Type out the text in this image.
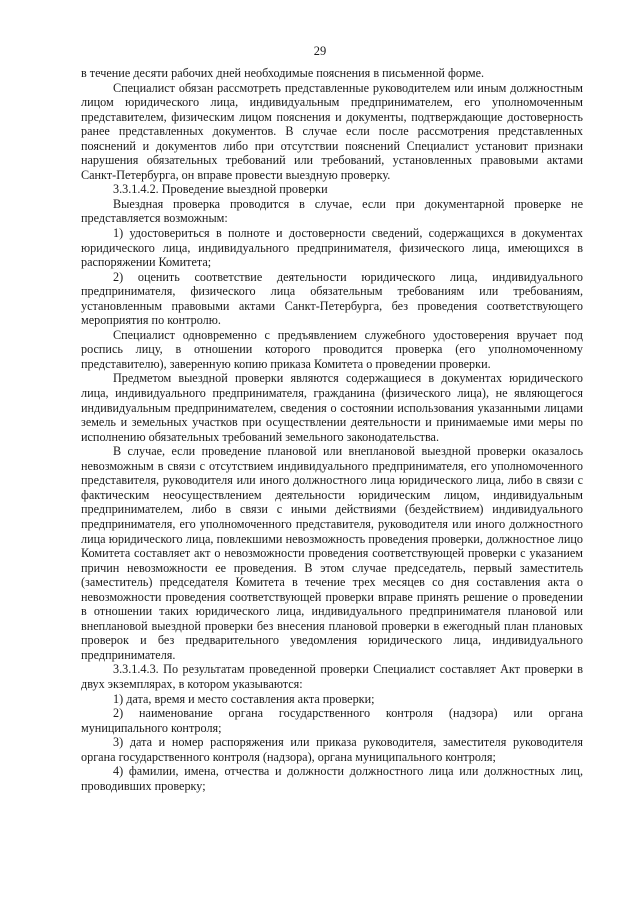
29

в течение десяти рабочих дней необходимые пояснения в письменной форме.

Специалист обязан рассмотреть представленные руководителем или иным должностным лицом юридического лица, индивидуальным предпринимателем, его уполномоченным представителем, физическим лицом пояснения и документы, подтверждающие достоверность ранее представленных документов. В случае если после рассмотрения представленных пояснений и документов либо при отсутствии пояснений Специалист установит признаки нарушения обязательных требований или требований, установленных правовыми актами Санкт-Петербурга, он вправе провести выездную проверку.

3.3.1.4.2. Проведение выездной проверки

Выездная проверка проводится в случае, если при документарной проверке не представляется возможным:

1) удостовериться в полноте и достоверности сведений, содержащихся в документах юридического лица, индивидуального предпринимателя, физического лица, имеющихся в распоряжении Комитета;

2) оценить соответствие деятельности юридического лица, индивидуального предпринимателя, физического лица обязательным требованиям или требованиям, установленным правовыми актами Санкт-Петербурга, без проведения соответствующего мероприятия по контролю.

Специалист одновременно с предъявлением служебного удостоверения вручает под роспись лицу, в отношении которого проводится проверка (его уполномоченному представителю), заверенную копию приказа Комитета о проведении проверки.

Предметом выездной проверки являются содержащиеся в документах юридического лица, индивидуального предпринимателя, гражданина (физического лица), не являющегося индивидуальным предпринимателем, сведения о состоянии использования указанными лицами земель и земельных участков при осуществлении деятельности и принимаемые ими меры по исполнению обязательных требований земельного законодательства.

В случае, если проведение плановой или внеплановой выездной проверки оказалось невозможным в связи с отсутствием индивидуального предпринимателя, его уполномоченного представителя, руководителя или иного должностного лица юридического лица, либо в связи с фактическим неосуществлением деятельности юридическим лицом, индивидуальным предпринимателем, либо в связи с иными действиями (бездействием) индивидуального предпринимателя, его уполномоченного представителя, руководителя или иного должностного лица юридического лица, повлекшими невозможность проведения проверки, должностное лицо Комитета составляет акт о невозможности проведения соответствующей проверки с указанием причин невозможности ее проведения. В этом случае председатель, первый заместитель (заместитель) председателя Комитета в течение трех месяцев со дня составления акта о невозможности проведения соответствующей проверки вправе принять решение о проведении в отношении таких юридического лица, индивидуального предпринимателя плановой или внеплановой выездной проверки без внесения плановой проверки в ежегодный план плановых проверок и без предварительного уведомления юридического лица, индивидуального предпринимателя.

3.3.1.4.3. По результатам проведенной проверки Специалист составляет Акт проверки в двух экземплярах, в котором указываются:

1) дата, время и место составления акта проверки;

2) наименование органа государственного контроля (надзора) или органа муниципального контроля;

3) дата и номер распоряжения или приказа руководителя, заместителя руководителя органа государственного контроля (надзора), органа муниципального контроля;

4) фамилии, имена, отчества и должности должностного лица или должностных лиц, проводивших проверку;
